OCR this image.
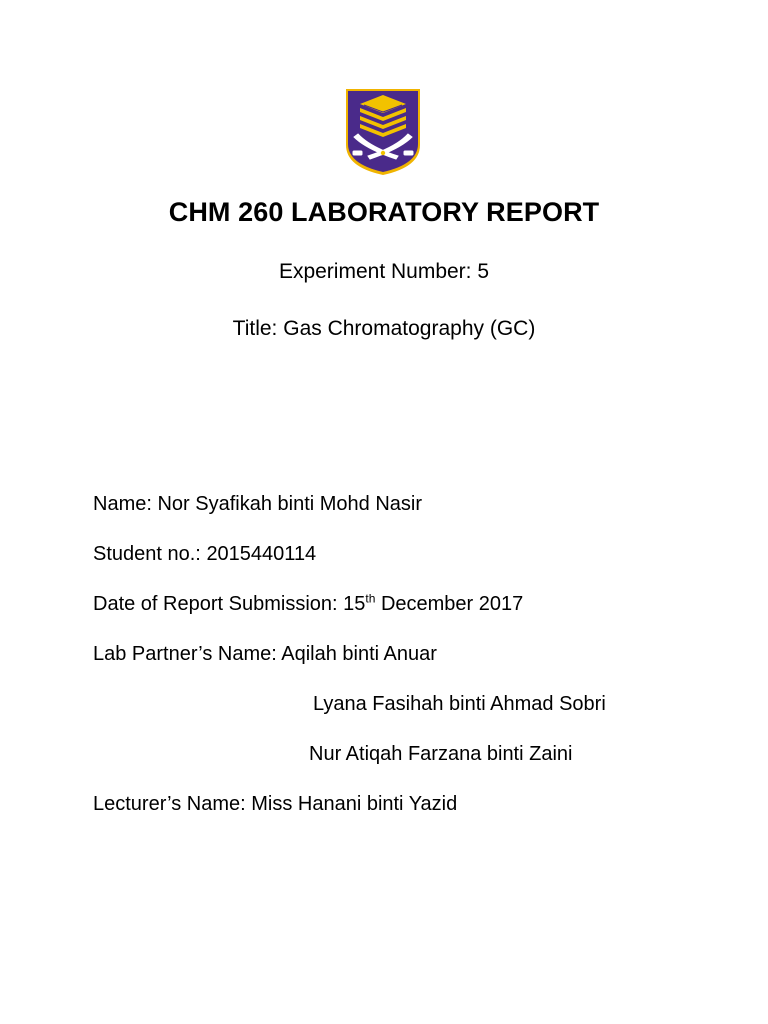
CHM 260 LABORATORY REPORT
Experiment Number: 5
Title: Gas Chromatography (GC)
Name: Nor Syafikah binti Mohd Nasir
Student no.: 2015440114
Date of Report Submission: 15th December 2017
Lab Partner’s Name: Aqilah binti Anuar
Lyana Fasihah binti Ahmad Sobri
Nur Atiqah Farzana binti Zaini
Lecturer’s Name: Miss Hanani binti Yazid
